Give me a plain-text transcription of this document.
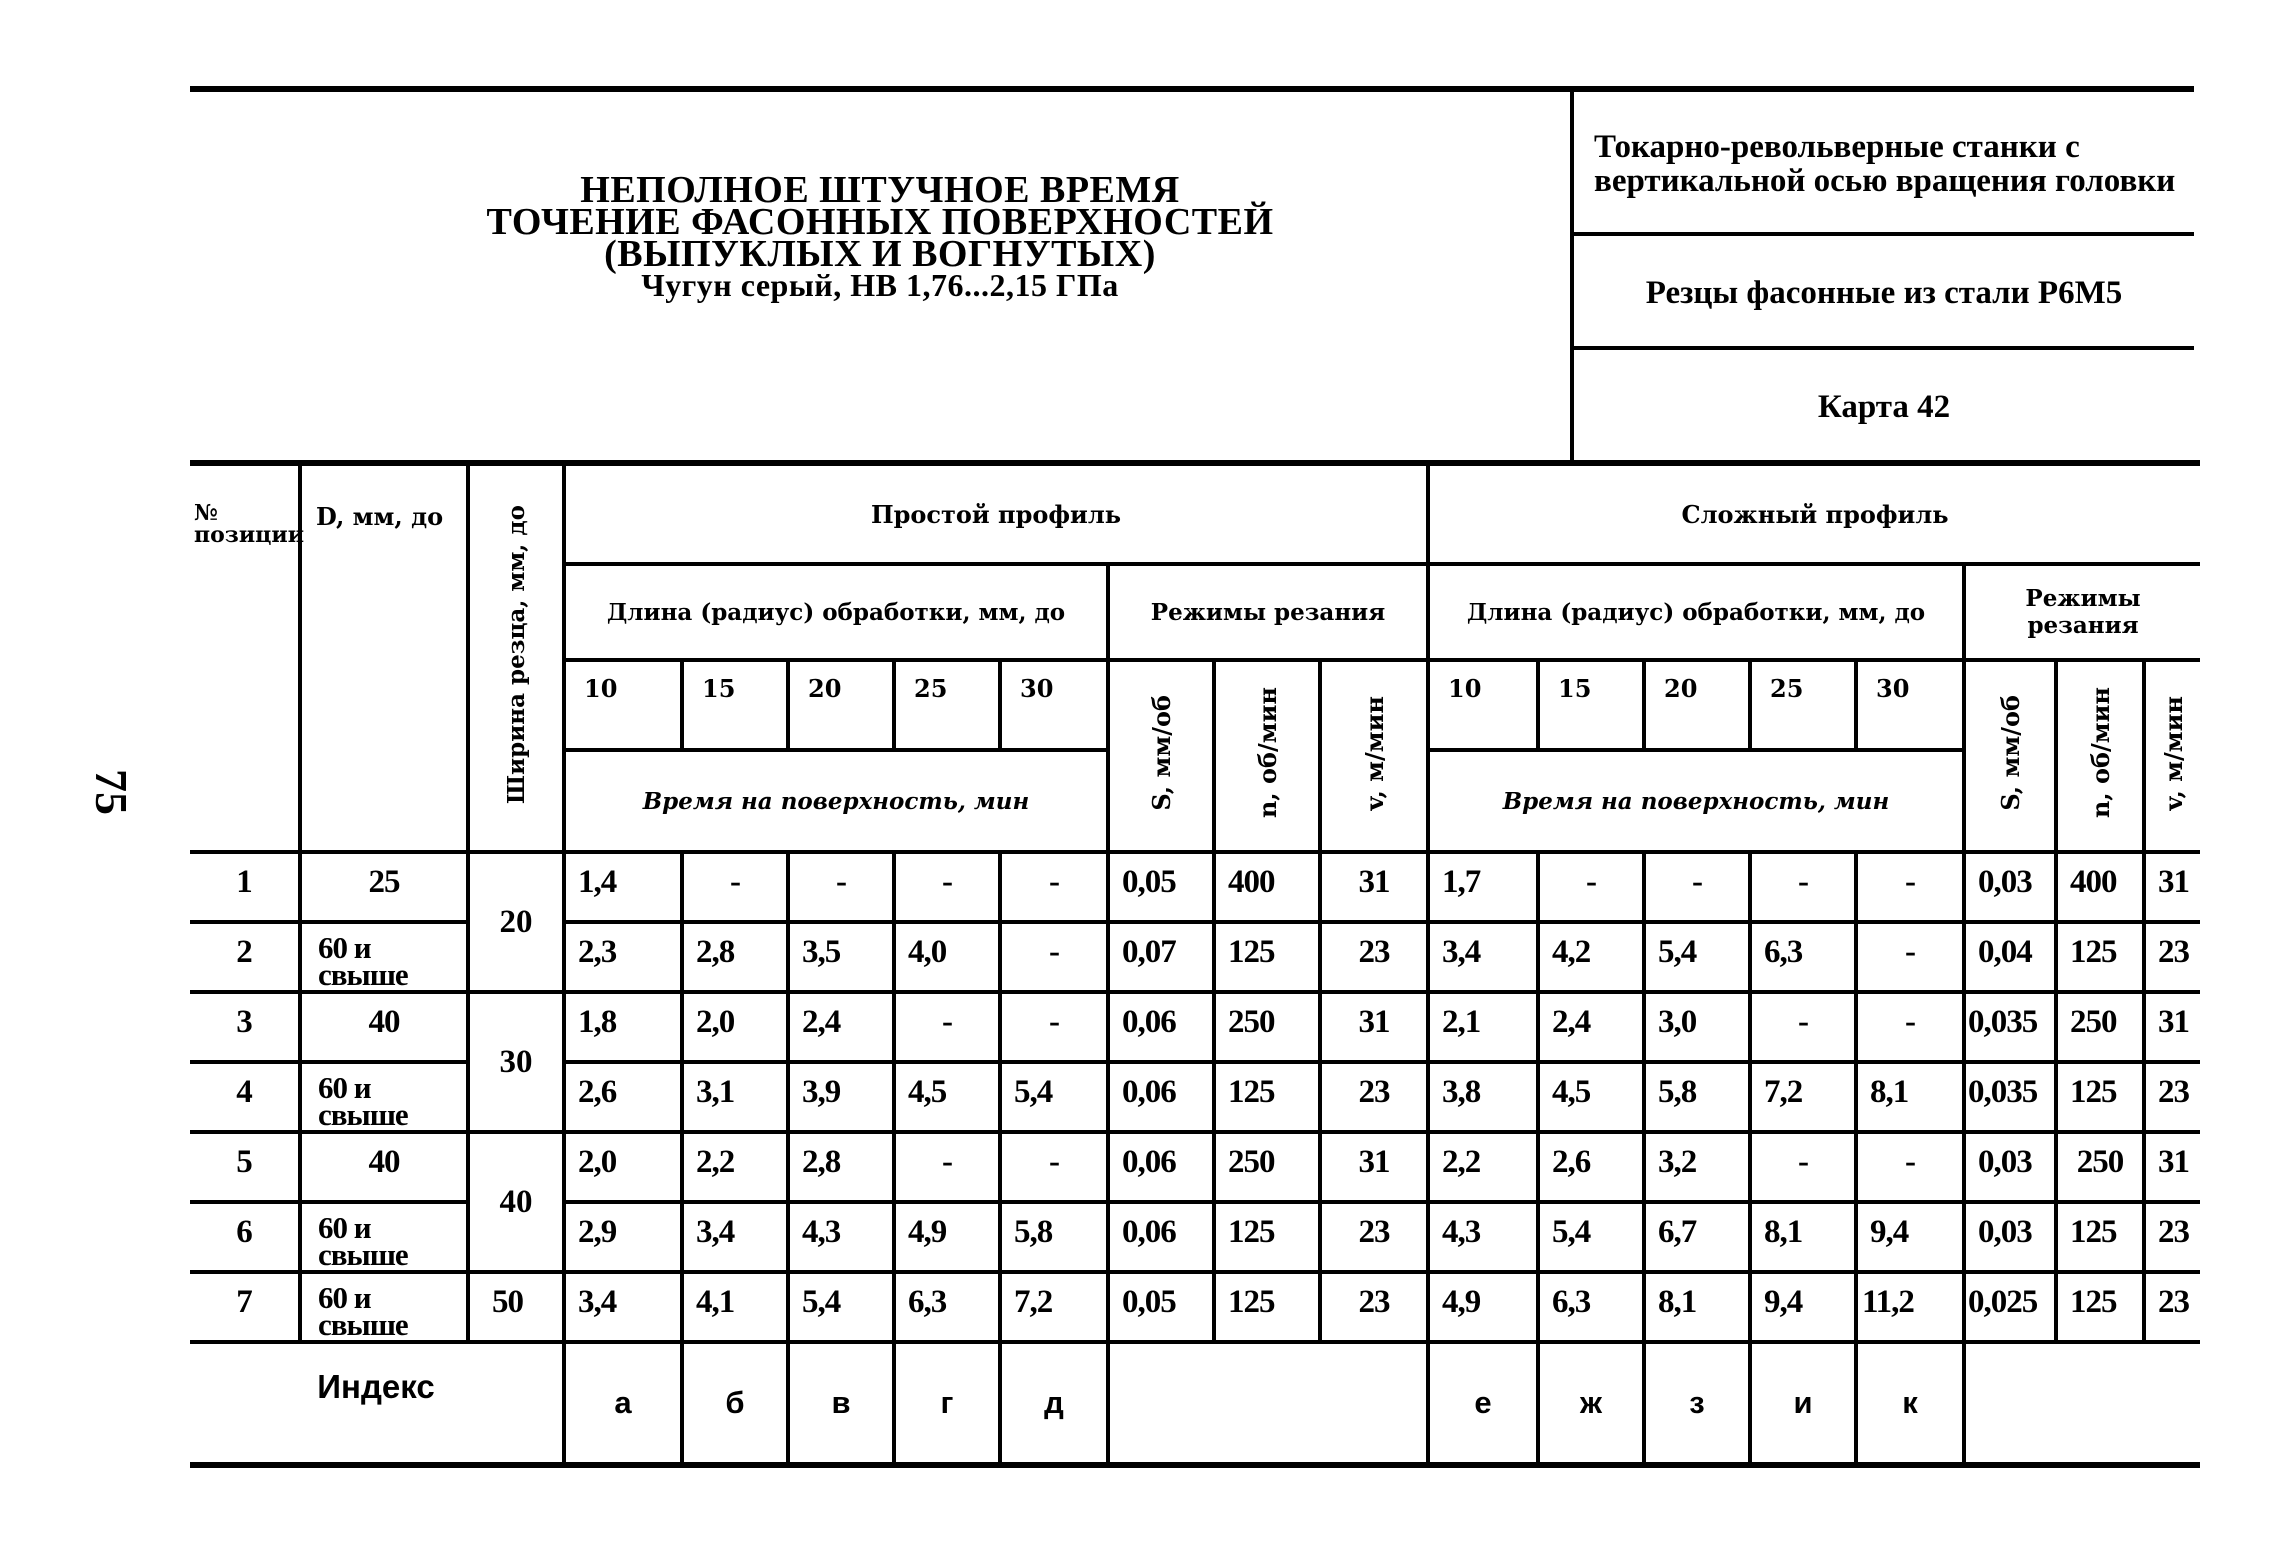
75
НЕПОЛНОЕ ШТУЧНОЕ ВРЕМЯ
ТОЧЕНИЕ ФАСОННЫХ ПОВЕРХНОСТЕЙ
(ВЫПУКЛЫХ И ВОГНУТЫХ)
Чугун серый, НВ 1,76...2,15 ГПа
Токарно-револьверные станки с
вертикальной осью вращения головки
Резцы фасонные из стали Р6М5
Карта 42
№ позиции	D, мм, до	Ширина резца, мм, до	Простой профиль								Сложный профиль							
			Длина (радиус) обработки, мм, до					Режимы резания			Длина (радиус) обработки, мм, до					Режимы резания		
			10	15	20	25	30	S, мм/об	n, об/мин	v, м/мин	10	15	20	25	30	S, мм/об	n, об/мин	v, м/мин
			Время на поверхность, мин								Время на поверхность, мин							
1	25	20	1,4	-	-	-	-	0,05	400	31	1,7	-	-	-	-	0,03	400	31
2	60 и
свыше		2,3	2,8	3,5	4,0	-	0,07	125	23	3,4	4,2	5,4	6,3	-	0,04	125	23
3	40	30	1,8	2,0	2,4	-	-	0,06	250	31	2,1	2,4	3,0	-	-	0,035	250	31
4	60 и
свыше		2,6	3,1	3,9	4,5	5,4	0,06	125	23	3,8	4,5	5,8	7,2	8,1	0,035	125	23
5	40	40	2,0	2,2	2,8	-	-	0,06	250	31	2,2	2,6	3,2	-	-	0,03	250	31
6	60 и
свыше		2,9	3,4	4,3	4,9	5,8	0,06	125	23	4,3	5,4	6,7	8,1	9,4	0,03	125	23
7	60 и
свыше	50	3,4	4,1	5,4	6,3	7,2	0,05	125	23	4,9	6,3	8,1	9,4	11,2	0,025	125	23
Индекс			а	б	в	г	д				е	ж	з	и	к			
